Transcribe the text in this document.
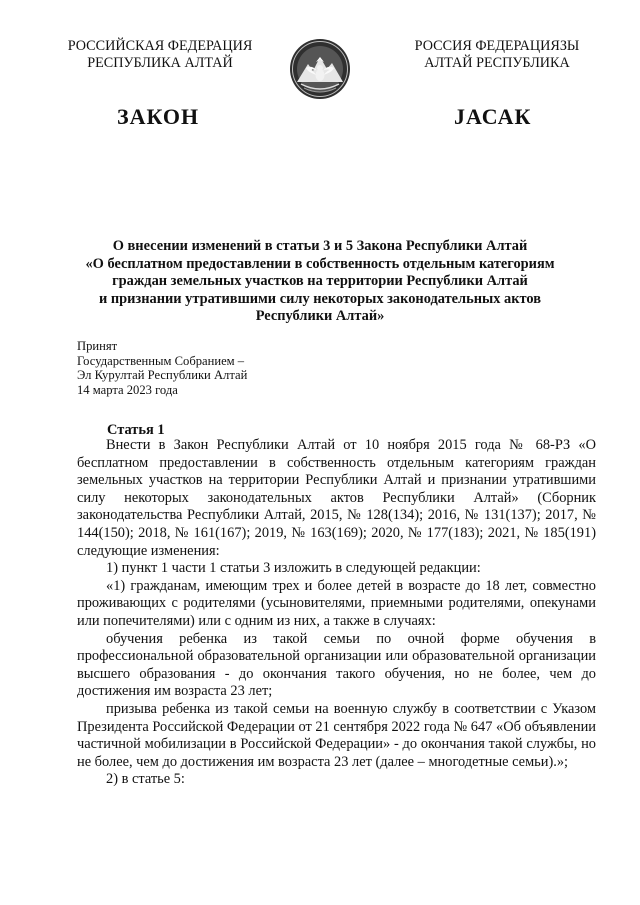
РОССИЙСКАЯ ФЕДЕРАЦИЯ
РЕСПУБЛИКА АЛТАЙ
РОССИЯ ФЕДЕРАЦИЯЗЫ
АЛТАЙ РЕСПУБЛИКА
ЗАКОН	JАСАК
О внесении изменений в статьи 3 и 5 Закона Республики Алтай
«О бесплатном предоставлении в собственность отдельным категориям
граждан земельных участков на территории Республики Алтай
и признании утратившими силу некоторых законодательных актов
Республики Алтай»
Принят
Государственным Собранием –
Эл Курултай Республики Алтай
14 марта 2023 года
Статья 1

Внести в Закон Республики Алтай от 10 ноября 2015 года № 68-РЗ «О бесплатном предоставлении в собственность отдельным категориям граждан земельных участков на территории Республики Алтай и признании утратившими силу некоторых законодательных актов Республики Алтай» (Сборник законодательства Республики Алтай, 2015, № 128(134); 2016, № 131(137); 2017, № 144(150); 2018, № 161(167); 2019, № 163(169); 2020, № 177(183); 2021, № 185(191) следующие изменения:

1) пункт 1 части 1 статьи 3 изложить в следующей редакции:

«1) гражданам, имеющим трех и более детей в возрасте до 18 лет, совместно проживающих с родителями (усыновителями, приемными родителями, опекунами или попечителями) или с одним из них, а также в случаях:

обучения ребенка из такой семьи по очной форме обучения в профессиональной образовательной организации или образовательной организации высшего образования - до окончания такого обучения, но не более, чем до достижения им возраста 23 лет;

призыва ребенка из такой семьи на военную службу в соответствии с Указом Президента Российской Федерации от 21 сентября 2022 года № 647 «Об объявлении частичной мобилизации в Российской Федерации» - до окончания такой службы, но не более, чем до достижения им возраста 23 лет (далее – многодетные семьи).»;

2) в статье 5:
